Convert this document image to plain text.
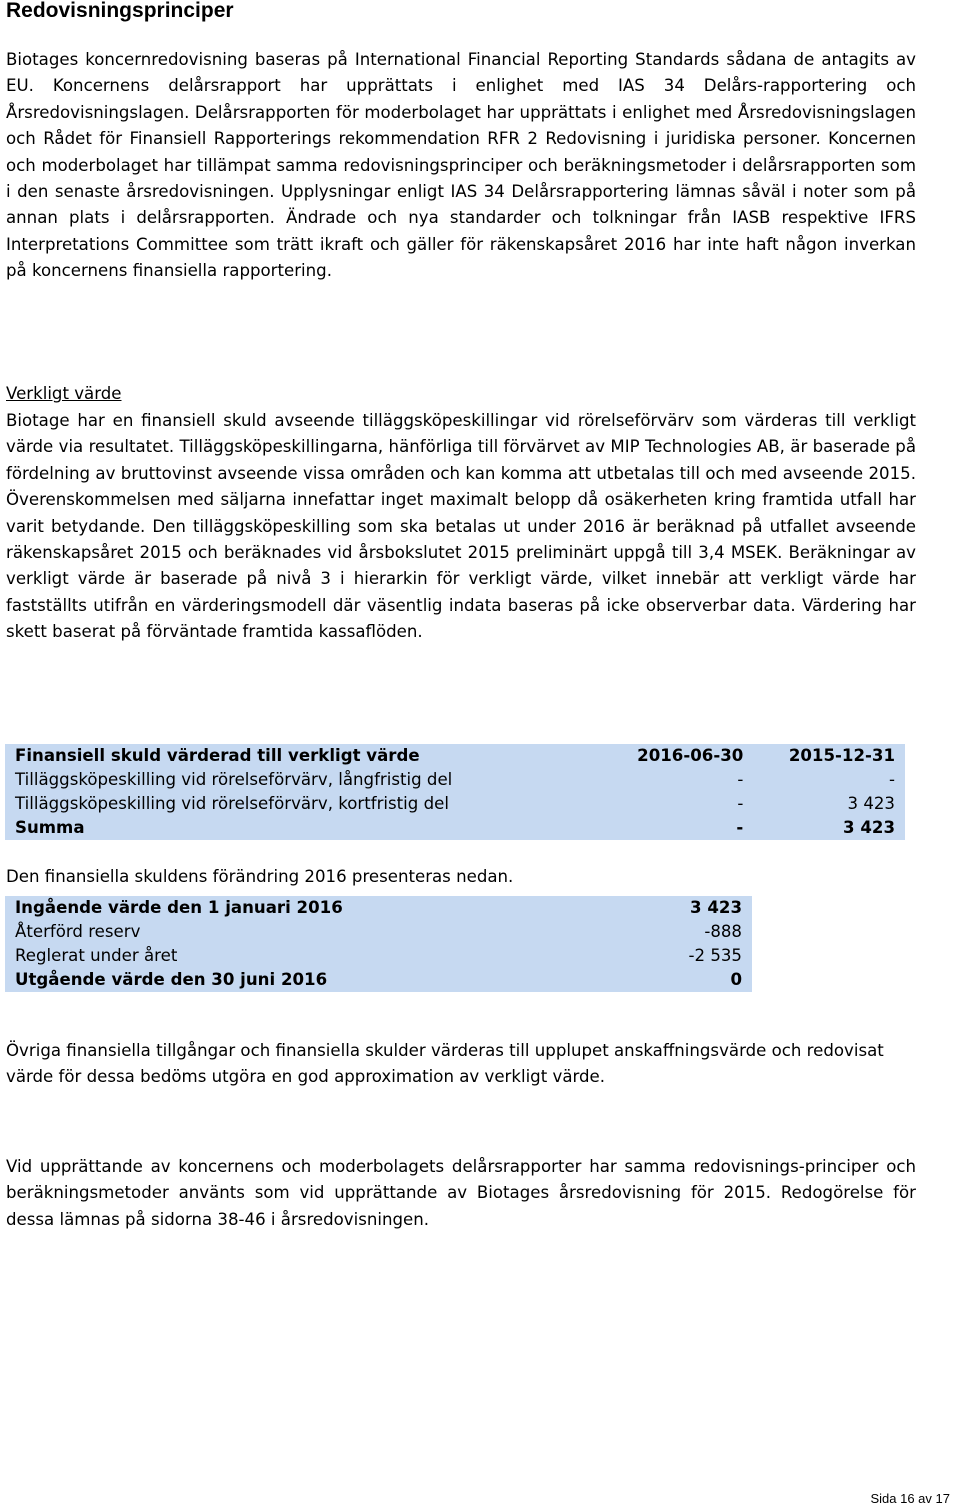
Redovisningsprinciper

Biotages koncernredovisning baseras på International Financial Reporting Standards sådana de antagits av EU. Koncernens delårsrapport har upprättats i enlighet med IAS 34 Delårs-rapportering och Årsredovisningslagen. Delårsrapporten för moderbolaget har upprättats i enlighet med Årsredovisningslagen och Rådet för Finansiell Rapporterings rekommendation RFR 2 Redovisning i juridiska personer. Koncernen och moderbolaget har tillämpat samma redovisningsprinciper och beräkningsmetoder i delårsrapporten som i den senaste årsredovisningen. Upplysningar enligt IAS 34 Delårsrapportering lämnas såväl i noter som på annan plats i delårsrapporten. Ändrade och nya standarder och tolkningar från IASB respektive IFRS Interpretations Committee som trätt ikraft och gäller för räkenskapsåret 2016 har inte haft någon inverkan på koncernens finansiella rapportering.

Verkligt värde

Biotage har en finansiell skuld avseende tilläggsköpeskillingar vid rörelseförvärv som värderas till verkligt värde via resultatet. Tilläggsköpeskillingarna, hänförliga till förvärvet av MIP Technologies AB, är baserade på fördelning av bruttovinst avseende vissa områden och kan komma att utbetalas till och med avseende 2015. Överenskommelsen med säljarna innefattar inget maximalt belopp då osäkerheten kring framtida utfall har varit betydande. Den tilläggsköpeskilling som ska betalas ut under 2016 är beräknad på utfallet avseende räkenskapsåret 2015 och beräknades vid årsbokslutet 2015 preliminärt uppgå till 3,4 MSEK. Beräkningar av verkligt värde är baserade på nivå 3 i hierarkin för verkligt värde, vilket innebär att verkligt värde har fastställts utifrån en värderingsmodell där väsentlig indata baseras på icke observerbar data. Värdering har skett baserat på förväntade framtida kassaflöden.

Finansiell skuld värderad till verkligt värde	2016-06-30	2015-12-31
Tilläggsköpeskilling vid rörelseförvärv, långfristig del	-	-
Tilläggsköpeskilling vid rörelseförvärv, kortfristig del	-	3 423
Summa	-	3 423
Den finansiella skuldens förändring 2016 presenteras nedan.
Ingående värde den 1 januari 2016	3 423
Återförd reserv	-888
Reglerat under året	-2 535
Utgående värde den 30 juni 2016	0

Övriga finansiella tillgångar och finansiella skulder värderas till upplupet anskaffningsvärde och redovisat värde för dessa bedöms utgöra en god approximation av verkligt värde.

Vid upprättande av koncernens och moderbolagets delårsrapporter har samma redovisnings-principer och beräkningsmetoder använts som vid upprättande av Biotages årsredovisning för 2015. Redogörelse för dessa lämnas på sidorna 38-46 i årsredovisningen.

Sida 16 av 17
